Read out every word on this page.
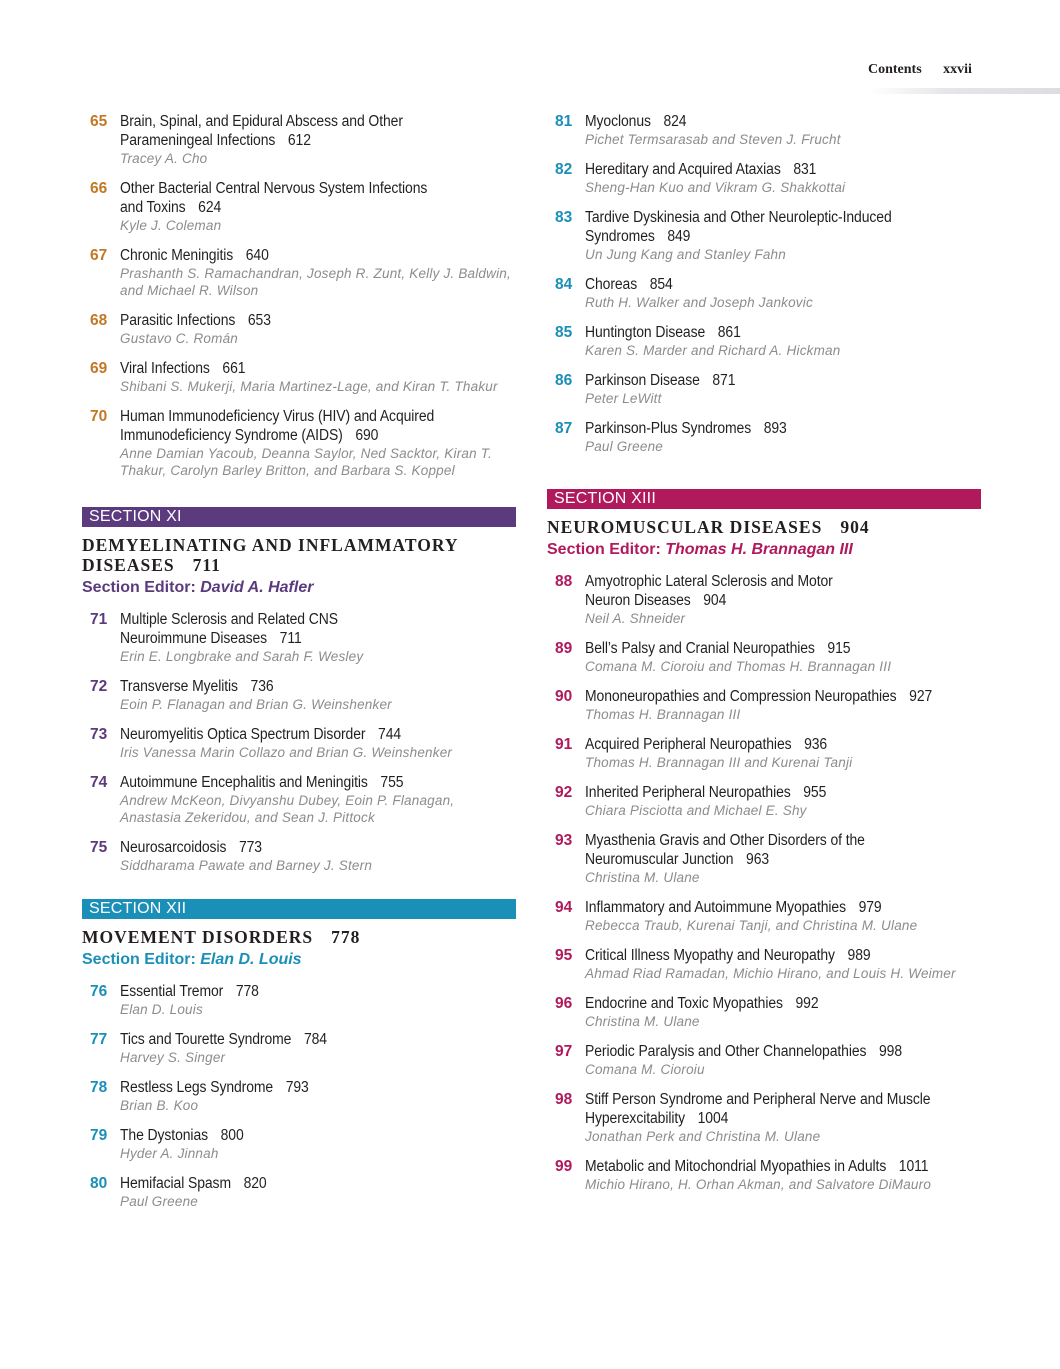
Contents xxvii
65 Brain, Spinal, and Epidural Abscess and Other Parameningeal Infections 612
Tracey A. Cho
66 Other Bacterial Central Nervous System Infections and Toxins 624
Kyle J. Coleman
67 Chronic Meningitis 640
Prashanth S. Ramachandran, Joseph R. Zunt, Kelly J. Baldwin, and Michael R. Wilson
68 Parasitic Infections 653
Gustavo C. Román
69 Viral Infections 661
Shibani S. Mukerji, Maria Martinez-Lage, and Kiran T. Thakur
70 Human Immunodeficiency Virus (HIV) and Acquired Immunodeficiency Syndrome (AIDS) 690
Anne Damian Yacoub, Deanna Saylor, Ned Sacktor, Kiran T. Thakur, Carolyn Barley Britton, and Barbara S. Koppel
SECTION XI
DEMYELINATING AND INFLAMMATORY DISEASES 711
Section Editor: David A. Hafler
71 Multiple Sclerosis and Related CNS Neuroimmune Diseases 711
Erin E. Longbrake and Sarah F. Wesley
72 Transverse Myelitis 736
Eoin P. Flanagan and Brian G. Weinshenker
73 Neuromyelitis Optica Spectrum Disorder 744
Iris Vanessa Marin Collazo and Brian G. Weinshenker
74 Autoimmune Encephalitis and Meningitis 755
Andrew McKeon, Divyanshu Dubey, Eoin P. Flanagan, Anastasia Zekeridou, and Sean J. Pittock
75 Neurosarcoidosis 773
Siddharama Pawate and Barney J. Stern
SECTION XII
MOVEMENT DISORDERS 778
Section Editor: Elan D. Louis
76 Essential Tremor 778
Elan D. Louis
77 Tics and Tourette Syndrome 784
Harvey S. Singer
78 Restless Legs Syndrome 793
Brian B. Koo
79 The Dystonias 800
Hyder A. Jinnah
80 Hemifacial Spasm 820
Paul Greene
81 Myoclonus 824
Pichet Termsarasab and Steven J. Frucht
82 Hereditary and Acquired Ataxias 831
Sheng-Han Kuo and Vikram G. Shakkottai
83 Tardive Dyskinesia and Other Neuroleptic-Induced Syndromes 849
Un Jung Kang and Stanley Fahn
84 Choreas 854
Ruth H. Walker and Joseph Jankovic
85 Huntington Disease 861
Karen S. Marder and Richard A. Hickman
86 Parkinson Disease 871
Peter LeWitt
87 Parkinson-Plus Syndromes 893
Paul Greene
SECTION XIII
NEUROMUSCULAR DISEASES 904
Section Editor: Thomas H. Brannagan III
88 Amyotrophic Lateral Sclerosis and Motor Neuron Diseases 904
Neil A. Shneider
89 Bell’s Palsy and Cranial Neuropathies 915
Comana M. Cioroiu and Thomas H. Brannagan III
90 Mononeuropathies and Compression Neuropathies 927
Thomas H. Brannagan III
91 Acquired Peripheral Neuropathies 936
Thomas H. Brannagan III and Kurenai Tanji
92 Inherited Peripheral Neuropathies 955
Chiara Pisciotta and Michael E. Shy
93 Myasthenia Gravis and Other Disorders of the Neuromuscular Junction 963
Christina M. Ulane
94 Inflammatory and Autoimmune Myopathies 979
Rebecca Traub, Kurenai Tanji, and Christina M. Ulane
95 Critical Illness Myopathy and Neuropathy 989
Ahmad Riad Ramadan, Michio Hirano, and Louis H. Weimer
96 Endocrine and Toxic Myopathies 992
Christina M. Ulane
97 Periodic Paralysis and Other Channelopathies 998
Comana M. Cioroiu
98 Stiff Person Syndrome and Peripheral Nerve and Muscle Hyperexcitability 1004
Jonathan Perk and Christina M. Ulane
99 Metabolic and Mitochondrial Myopathies in Adults 1011
Michio Hirano, H. Orhan Akman, and Salvatore DiMauro
